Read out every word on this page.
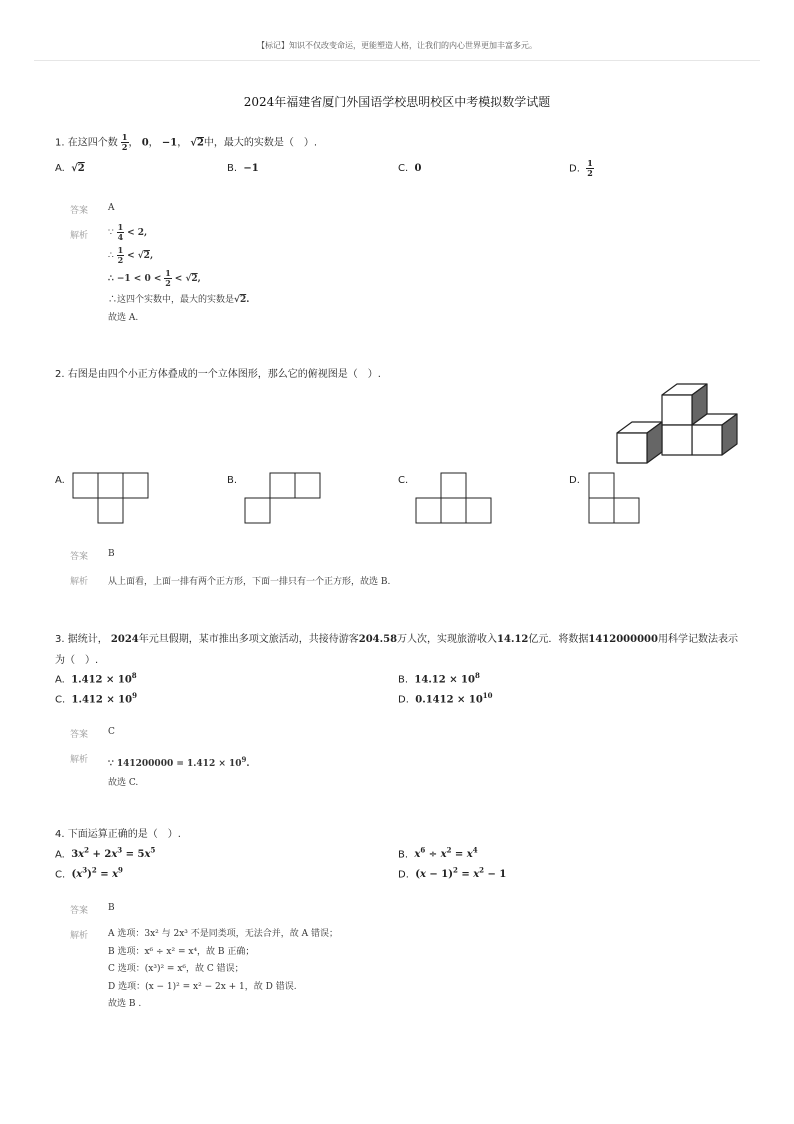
【标记】知识不仅改变命运，更能塑造人格，让我们的内心世界更加丰富多元。
2024年福建省厦门外国语学校思明校区中考模拟数学试题
1. 在这四个数 $\frac{1}{2}$ ， 0， −1， √2中，最大的实数是（　）.
A. √2	B. −1	C. 0	D. $\frac{1}{2}$
答案 A
解析 ∵ $\frac{1}{4} < 2$,
∴ $\frac{1}{2} < √2$,
∴ $-1 < 0 < \frac{1}{2} < √2$,
∴这四个实数中，最大的实数是√2.
故选 A.
2. 右图是由四个小正方体叠成的一个立体图形，那么它的俯视图是（　）.
A.	B.	C.	D.
答案 B
解析 从上面看，上面一排有两个正方形，下面一排只有一个正方形，故选 B.
3. 据统计， 2024年元旦假期，某市推出多项文旅活动，共接待游客204.58万人次，实现旅游收入14.12亿元．将数据1412000000用科学记数法表示
为（　）.
A. $1.412 \times 10^8$	B. $14.12 \times 10^8$
C. $1.412 \times 10^9$	D. $0.1412 \times 10^{10}$
答案 C
解析 ∵ $141200000 = 1.412 \times 10^9$.
故选 C.
4. 下面运算正确的是（　）.
A. $3x^2 + 2x^3 = 5x^5$	B. $x^6 \div x^2 = x^4$
C. $(x^3)^2 = x^9$	D. $(x - 1)^2 = x^2 - 1$
答案 B
解析 A 选项：3x² 与 2x³ 不是同类项，无法合并，故 A 错误；
B 选项：x⁶ ÷ x² = x⁴，故 B 正确；
C 选项：(x³)² = x⁶，故 C 错误；
D 选项：(x − 1)² = x² − 2x + 1，故 D 错误.
故选 B .
